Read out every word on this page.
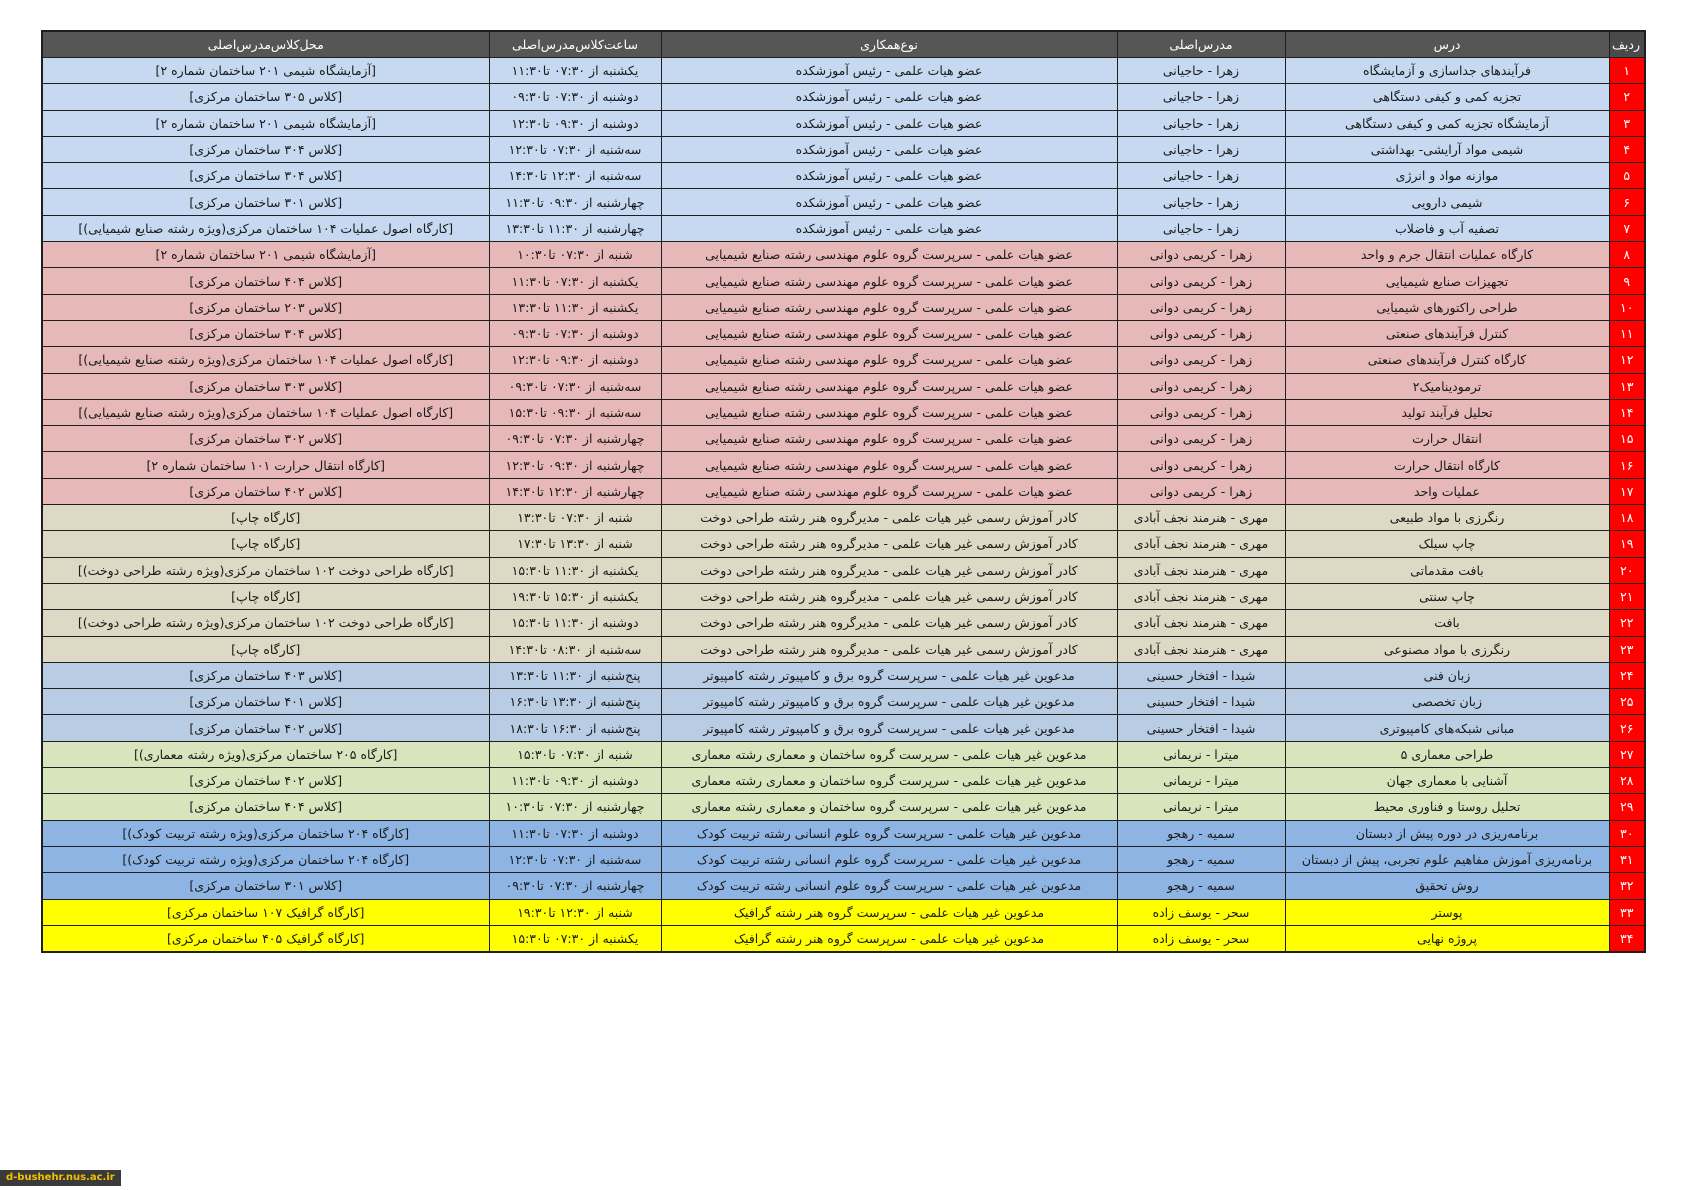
ردیف	درس	مدرس‌اصلی	نوع‌همکاری	ساعت‌کلاس‌مدرس‌اصلی	محل‌کلاس‌مدرس‌اصلی
۱	فرآیندهای جداسازی و آزمایشگاه	زهرا - حاجیانی	عضو هیات علمی - رئیس آموزشکده	یکشنبه از ۰۷:۳۰ تا۱۱:۳۰	[آزمایشگاه شیمی ۲۰۱ ساختمان شماره ۲]
۲	تجزیه کمی و کیفی دستگاهی	زهرا - حاجیانی	عضو هیات علمی - رئیس آموزشکده	دوشنبه از ۰۷:۳۰ تا۰۹:۳۰	[کلاس ۳۰۵ ساختمان مرکزی]
۳	آزمایشگاه تجزیه کمی و کیفی دستگاهی	زهرا - حاجیانی	عضو هیات علمی - رئیس آموزشکده	دوشنبه از ۰۹:۳۰ تا۱۲:۳۰	[آزمایشگاه شیمی ۲۰۱ ساختمان شماره ۲]
۴	شیمی مواد آرایشی- بهداشتی	زهرا - حاجیانی	عضو هیات علمی - رئیس آموزشکده	سه‌شنبه از ۰۷:۳۰ تا۱۲:۳۰	[کلاس ۳۰۴ ساختمان مرکزی]
۵	موازنه مواد و انرژی	زهرا - حاجیانی	عضو هیات علمی - رئیس آموزشکده	سه‌شنبه از ۱۲:۳۰ تا۱۴:۳۰	[کلاس ۳۰۴ ساختمان مرکزی]
۶	شیمی دارویی	زهرا - حاجیانی	عضو هیات علمی - رئیس آموزشکده	چهارشنبه از ۰۹:۳۰ تا۱۱:۳۰	[کلاس ۳۰۱ ساختمان مرکزی]
۷	تصفیه آب و فاضلاب	زهرا - حاجیانی	عضو هیات علمی - رئیس آموزشکده	چهارشنبه از ۱۱:۳۰ تا۱۳:۳۰	[کارگاه اصول عملیات ۱۰۴ ساختمان مرکزی(ویژه رشته صنایع شیمیایی)]
۸	کارگاه عملیات انتقال جرم و واحد	زهرا - کریمی دوانی	عضو هیات علمی - سرپرست گروه علوم مهندسی رشته صنایع شیمیایی	شنبه از ۰۷:۳۰ تا۱۰:۳۰	[آزمایشگاه شیمی ۲۰۱ ساختمان شماره ۲]
۹	تجهیزات صنایع شیمیایی	زهرا - کریمی دوانی	عضو هیات علمی - سرپرست گروه علوم مهندسی رشته صنایع شیمیایی	یکشنبه از ۰۷:۳۰ تا۱۱:۳۰	[کلاس ۴۰۴ ساختمان مرکزی]
۱۰	طراحی راکتورهای شیمیایی	زهرا - کریمی دوانی	عضو هیات علمی - سرپرست گروه علوم مهندسی رشته صنایع شیمیایی	یکشنبه از ۱۱:۳۰ تا۱۳:۳۰	[کلاس ۲۰۳ ساختمان مرکزی]
۱۱	کنترل فرآیندهای صنعتی	زهرا - کریمی دوانی	عضو هیات علمی - سرپرست گروه علوم مهندسی رشته صنایع شیمیایی	دوشنبه از ۰۷:۳۰ تا۰۹:۳۰	[کلاس ۳۰۴ ساختمان مرکزی]
۱۲	کارگاه کنترل فرآیندهای صنعتی	زهرا - کریمی دوانی	عضو هیات علمی - سرپرست گروه علوم مهندسی رشته صنایع شیمیایی	دوشنبه از ۰۹:۳۰ تا۱۲:۳۰	[کارگاه اصول عملیات ۱۰۴ ساختمان مرکزی(ویژه رشته صنایع شیمیایی)]
۱۳	ترمودینامیک۲	زهرا - کریمی دوانی	عضو هیات علمی - سرپرست گروه علوم مهندسی رشته صنایع شیمیایی	سه‌شنبه از ۰۷:۳۰ تا۰۹:۳۰	[کلاس ۳۰۳ ساختمان مرکزی]
۱۴	تحلیل فرآیند تولید	زهرا - کریمی دوانی	عضو هیات علمی - سرپرست گروه علوم مهندسی رشته صنایع شیمیایی	سه‌شنبه از ۰۹:۳۰ تا۱۵:۳۰	[کارگاه اصول عملیات ۱۰۴ ساختمان مرکزی(ویژه رشته صنایع شیمیایی)]
۱۵	انتقال حرارت	زهرا - کریمی دوانی	عضو هیات علمی - سرپرست گروه علوم مهندسی رشته صنایع شیمیایی	چهارشنبه از ۰۷:۳۰ تا۰۹:۳۰	[کلاس ۳۰۲ ساختمان مرکزی]
۱۶	کارگاه انتقال حرارت	زهرا - کریمی دوانی	عضو هیات علمی - سرپرست گروه علوم مهندسی رشته صنایع شیمیایی	چهارشنبه از ۰۹:۳۰ تا۱۲:۳۰	[کارگاه انتقال حرارت ۱۰۱ ساختمان شماره ۲]
۱۷	عملیات واحد	زهرا - کریمی دوانی	عضو هیات علمی - سرپرست گروه علوم مهندسی رشته صنایع شیمیایی	چهارشنبه از ۱۲:۳۰ تا۱۴:۳۰	[کلاس ۴۰۲ ساختمان مرکزی]
۱۸	رنگرزی با مواد طبیعی	مهری - هنرمند نجف آبادی	کادر آموزش رسمی غیر هیات علمی - مدیرگروه هنر رشته طراحی دوخت	شنبه از ۰۷:۳۰ تا۱۳:۳۰	[کارگاه چاپ]
۱۹	چاپ سیلک	مهری - هنرمند نجف آبادی	کادر آموزش رسمی غیر هیات علمی - مدیرگروه هنر رشته طراحی دوخت	شنبه از ۱۳:۳۰ تا۱۷:۳۰	[کارگاه چاپ]
۲۰	بافت مقدماتی	مهری - هنرمند نجف آبادی	کادر آموزش رسمی غیر هیات علمی - مدیرگروه هنر رشته طراحی دوخت	یکشنبه از ۱۱:۳۰ تا۱۵:۳۰	[کارگاه طراحی دوخت ۱۰۲ ساختمان مرکزی(ویژه رشته طراحی دوخت)]
۲۱	چاپ سنتی	مهری - هنرمند نجف آبادی	کادر آموزش رسمی غیر هیات علمی - مدیرگروه هنر رشته طراحی دوخت	یکشنبه از ۱۵:۳۰ تا۱۹:۳۰	[کارگاه چاپ]
۲۲	بافت	مهری - هنرمند نجف آبادی	کادر آموزش رسمی غیر هیات علمی - مدیرگروه هنر رشته طراحی دوخت	دوشنبه از ۱۱:۳۰ تا۱۵:۳۰	[کارگاه طراحی دوخت ۱۰۲ ساختمان مرکزی(ویژه رشته طراحی دوخت)]
۲۳	رنگرزی با مواد مصنوعی	مهری - هنرمند نجف آبادی	کادر آموزش رسمی غیر هیات علمی - مدیرگروه هنر رشته طراحی دوخت	سه‌شنبه از ۰۸:۳۰ تا۱۴:۳۰	[کارگاه چاپ]
۲۴	زبان فنی	شیدا - افتخار حسینی	مدعوین غیر هیات علمی - سرپرست گروه برق و کامپیوتر رشته کامپیوتر	پنج‌شنبه از ۱۱:۳۰ تا۱۳:۳۰	[کلاس ۴۰۳ ساختمان مرکزی]
۲۵	زبان تخصصی	شیدا - افتخار حسینی	مدعوین غیر هیات علمی - سرپرست گروه برق و کامپیوتر رشته کامپیوتر	پنج‌شنبه از ۱۳:۳۰ تا۱۶:۳۰	[کلاس ۴۰۱ ساختمان مرکزی]
۲۶	مبانی شبکه‌های کامپیوتری	شیدا - افتخار حسینی	مدعوین غیر هیات علمی - سرپرست گروه برق و کامپیوتر رشته کامپیوتر	پنج‌شنبه از ۱۶:۳۰ تا۱۸:۳۰	[کلاس ۴۰۲ ساختمان مرکزی]
۲۷	طراحی معماری ۵	میترا - نریمانی	مدعوین غیر هیات علمی - سرپرست گروه ساختمان و معماری رشته معماری	شنبه از ۰۷:۳۰ تا۱۵:۳۰	[کارگاه ۲۰۵ ساختمان مرکزی(ویژه رشته معماری)]
۲۸	آشنایی با معماری جهان	میترا - نریمانی	مدعوین غیر هیات علمی - سرپرست گروه ساختمان و معماری رشته معماری	دوشنبه از ۰۹:۳۰ تا۱۱:۳۰	[کلاس ۴۰۲ ساختمان مرکزی]
۲۹	تحلیل روستا و فناوری محیط	میترا - نریمانی	مدعوین غیر هیات علمی - سرپرست گروه ساختمان و معماری رشته معماری	چهارشنبه از ۰۷:۳۰ تا۱۰:۳۰	[کلاس ۴۰۴ ساختمان مرکزی]
۳۰	برنامه‌ریزی در دوره پیش از دبستان	سمیه - رهجو	مدعوین غیر هیات علمی - سرپرست گروه علوم انسانی رشته تربیت کودک	دوشنبه از ۰۷:۳۰ تا۱۱:۳۰	[کارگاه ۲۰۴ ساختمان مرکزی(ویژه رشته تربیت کودک)]
۳۱	برنامه‌ریزی آموزش مفاهیم علوم تجربی، پیش از دبستان	سمیه - رهجو	مدعوین غیر هیات علمی - سرپرست گروه علوم انسانی رشته تربیت کودک	سه‌شنبه از ۰۷:۳۰ تا۱۲:۳۰	[کارگاه ۲۰۴ ساختمان مرکزی(ویژه رشته تربیت کودک)]
۳۲	روش تحقیق	سمیه - رهجو	مدعوین غیر هیات علمی - سرپرست گروه علوم انسانی رشته تربیت کودک	چهارشنبه از ۰۷:۳۰ تا۰۹:۳۰	[کلاس ۳۰۱ ساختمان مرکزی]
۳۳	پوستر	سحر - یوسف زاده	مدعوین غیر هیات علمی - سرپرست گروه هنر رشته گرافیک	شنبه از ۱۲:۳۰ تا۱۹:۳۰	[کارگاه گرافیک ۱۰۷ ساختمان مرکزی]
۳۴	پروژه نهایی	سحر - یوسف زاده	مدعوین غیر هیات علمی - سرپرست گروه هنر رشته گرافیک	یکشنبه از ۰۷:۳۰ تا۱۵:۳۰	[کارگاه گرافیک ۴۰۵ ساختمان مرکزی]
d-bushehr.nus.ac.ir
